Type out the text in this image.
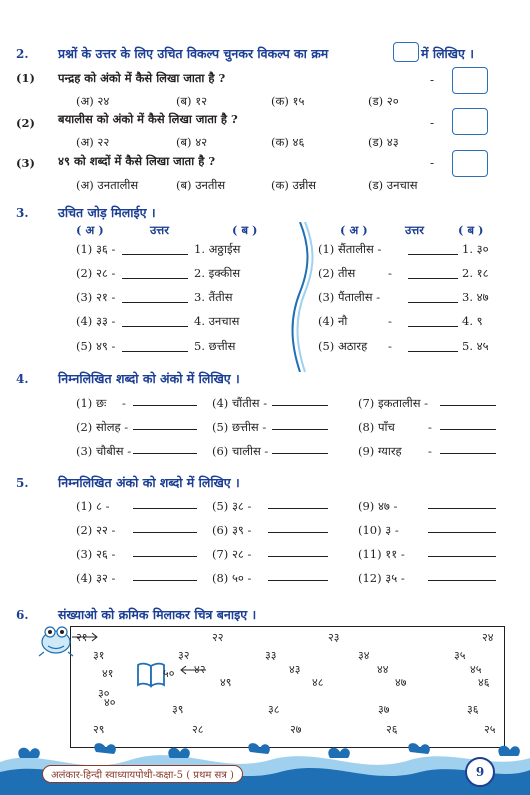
2. प्रश्नों के उत्तर के लिए उचित विकल्प चुनकर विकल्प का क्रम	में लिखिए ।
(1) पन्द्रह को अंको में कैसे लिखा जाता है ?
(अ) २४	(ब) १२	(क) १५	(ड) २०
-
(2) बयालीस को अंको में कैसे लिखा जाता है ?
(अ) २२	(ब) ४२	(क) ४६	(ड) ४३
-
(3) ४९ को शब्दों में कैसे लिखा जाता है ?
(अ) उनतालीस	(ब) उनतीस	(क) उन्नीस	(ड) उनचास
-
3. उचित जोड़ मिलाईए ।
( अ )	उत्तर	( ब )	( अ )	उत्तर	( ब )
(1) ३६ -	1. अठ्ठाईस
(2) २८ -	2. इक्कीस
(3) २१ -	3. तैंतीस
(4) ३३ -	4. उनचास
(5) ४९ -	5. छत्तीस
(1) सैंतालीस -	1. ३०
(2) तीस	-	2. १८
(3) पैंतालीस -	3. ४७
(4) नौ	-	4. ९
(5) अठारह -	5. ४५
4. निम्नलिखित शब्दो को अंको में लिखिए ।
(1) छः -	(4) चौंतीस -	(7) इकतालीस -
(2) सोलह -	(5) छत्तीस -	(8) पाँच	-
(3) चौबीस -	(6) चालीस -	(9) ग्यारह -
5. निम्नलिखित अंको को शब्दो में लिखिए ।
(1) ८ -	(5) ३८ -	(9) ४७ -
(2) २२ -	(6) ३९ -	(10) ३ -
(3) २६ -	(7) २८ -	(11) ११ -
(4) ३२ -	(8) ५० -	(12) ३५ -
6. संख्याओ को क्रमिक मिलाकर चित्र बनाइए ।
२१	२२	२३	२४
३१	३२	३३	३४	३५
४१	४२	४३	४४	४५
३०
५०
४९	४८	४७	४६
४०
३९	३८	३७	३६
२९	२८	२७	२६	२५
अलंकार-हिन्दी स्वाध्यायपोथी-कक्षा-5 ( प्रथम सत्र )	9
